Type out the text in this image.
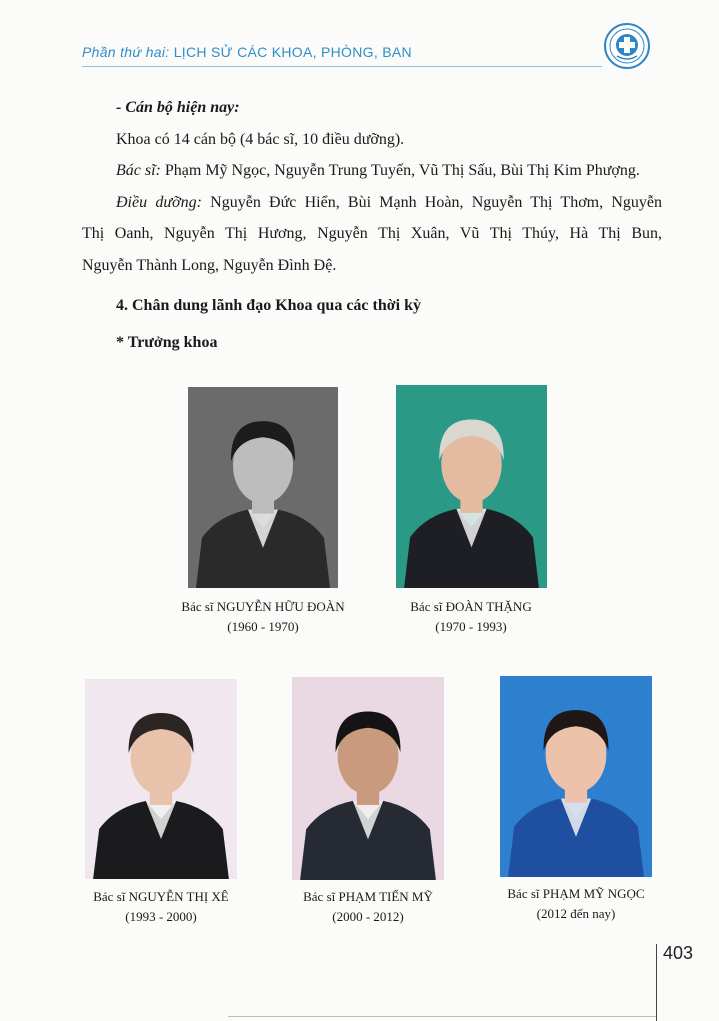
Phần thứ hai: LỊCH SỬ CÁC KHOA, PHÒNG, BAN

- Cán bộ hiện nay:

Khoa có 14 cán bộ (4 bác sĩ, 10 điều dưỡng).

Bác sĩ: Phạm Mỹ Ngọc, Nguyễn Trung Tuyến, Vũ Thị Sấu, Bùi Thị Kim Phượng.

Điều dưỡng: Nguyễn Đức Hiển, Bùi Mạnh Hoàn, Nguyễn Thị Thơm, Nguyễn

Thị Oanh, Nguyễn Thị Hương, Nguyễn Thị Xuân, Vũ Thị Thúy, Hà Thị Bun,

Nguyễn Thành Long, Nguyễn Đình Đệ.

4. Chân dung lãnh đạo Khoa qua các thời kỳ
* Trưởng khoa
Bác sĩ NGUYỄN HỮU ĐOÀN
(1960 - 1970)
Bác sĩ ĐOÀN THẶNG
(1970 - 1993)
Bác sĩ NGUYỄN THỊ XÊ
(1993 - 2000)
Bác sĩ PHẠM TIẾN MỸ
(2000 - 2012)
Bác sĩ PHẠM MỸ NGỌC
(2012 đến nay)
403
